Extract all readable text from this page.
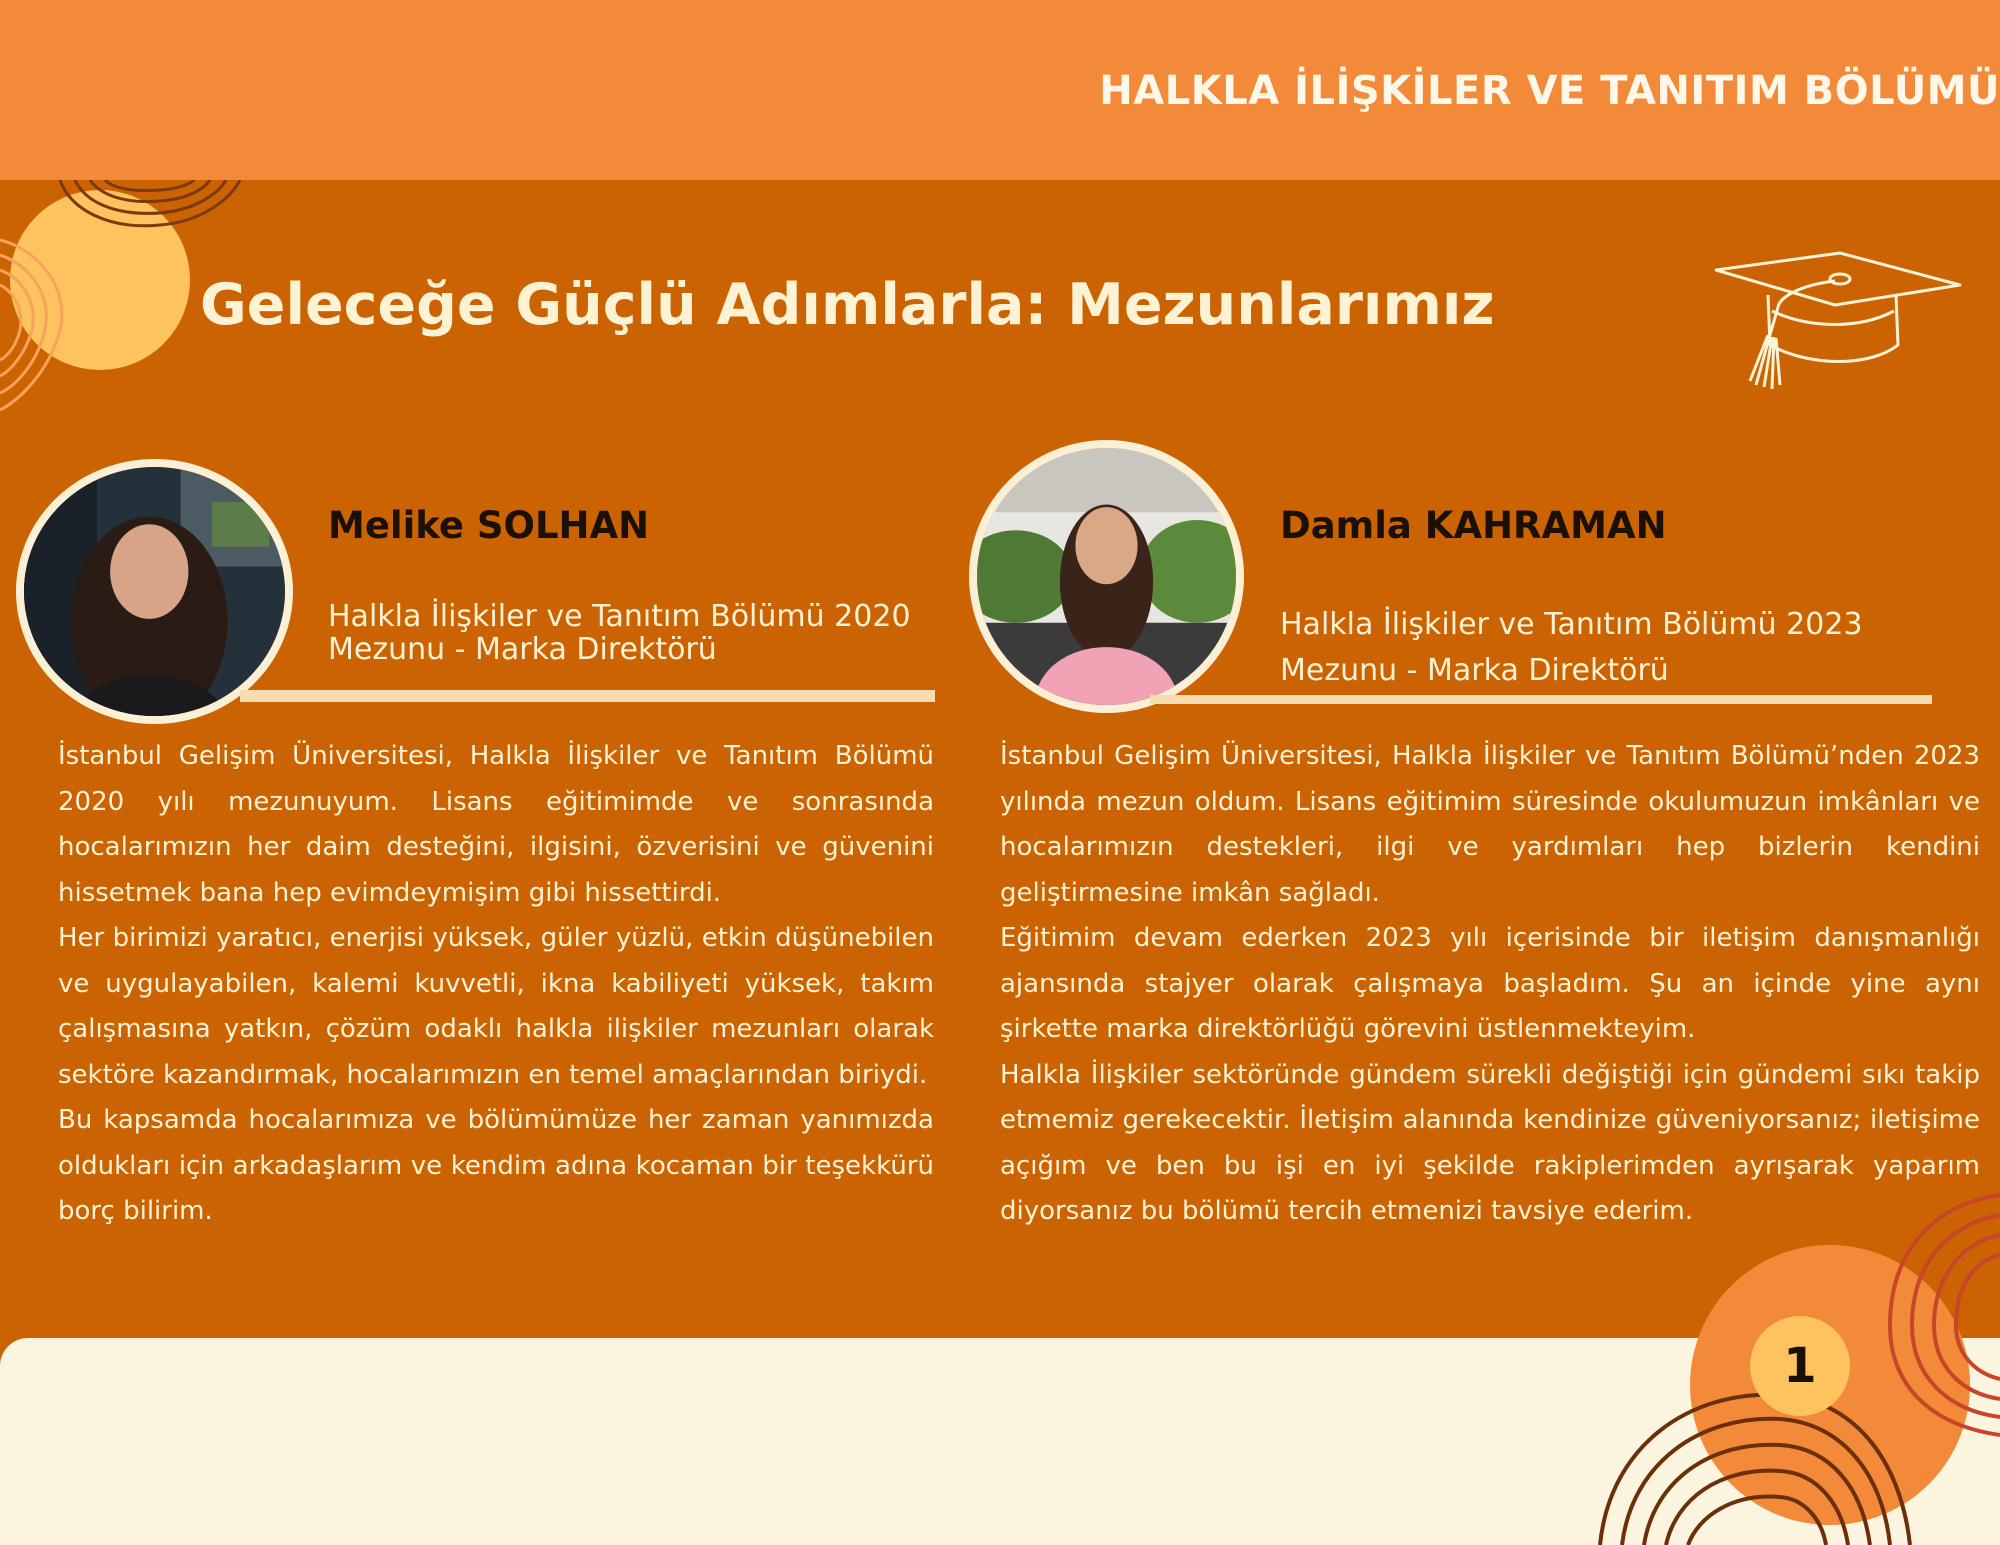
HALKLA İLİŞKİLER VE TANITIM BÖLÜMÜ
Geleceğe Güçlü Adımlarla: Mezunlarımız
Melike SOLHAN
Halkla İlişkiler ve Tanıtım Bölümü 2020
Mezunu - Marka Direktörü

İstanbul Gelişim Üniversitesi, Halkla İlişkiler ve Tanıtım Bölümü 2020 yılı mezunuyum. Lisans eğitimimde ve sonrasında hocalarımızın her daim desteğini, ilgisini, özverisini ve güvenini hissetmek bana hep evimdeymişim gibi hissettirdi.

Her birimizi yaratıcı, enerjisi yüksek, güler yüzlü, etkin düşünebilen ve uygulayabilen, kalemi kuvvetli, ikna kabiliyeti yüksek, takım çalışmasına yatkın, çözüm odaklı halkla ilişkiler mezunları olarak sektöre kazandırmak, hocalarımızın en temel amaçlarından biriydi.

Bu kapsamda hocalarımıza ve bölümümüze her zaman yanımızda oldukları için arkadaşlarım ve kendim adına kocaman bir teşekkürü borç bilirim.

Damla KAHRAMAN
Halkla İlişkiler ve Tanıtım Bölümü 2023
Mezunu - Marka Direktörü

İstanbul Gelişim Üniversitesi, Halkla İlişkiler ve Tanıtım Bölümü’nden 2023 yılında mezun oldum. Lisans eğitimim süresinde okulumuzun imkânları ve hocalarımızın destekleri, ilgi ve yardımları hep bizlerin kendini geliştirmesine imkân sağladı.

Eğitimim devam ederken 2023 yılı içerisinde bir iletişim danışmanlığı ajansında stajyer olarak çalışmaya başladım. Şu an içinde yine aynı şirkette marka direktörlüğü görevini üstlenmekteyim.

Halkla İlişkiler sektöründe gündem sürekli değiştiği için gündemi sıkı takip etmemiz gerekecektir. İletişim alanında kendinize güveniyorsanız; iletişime açığım ve ben bu işi en iyi şekilde rakiplerimden ayrışarak yaparım diyorsanız bu bölümü tercih etmenizi tavsiye ederim.

1
